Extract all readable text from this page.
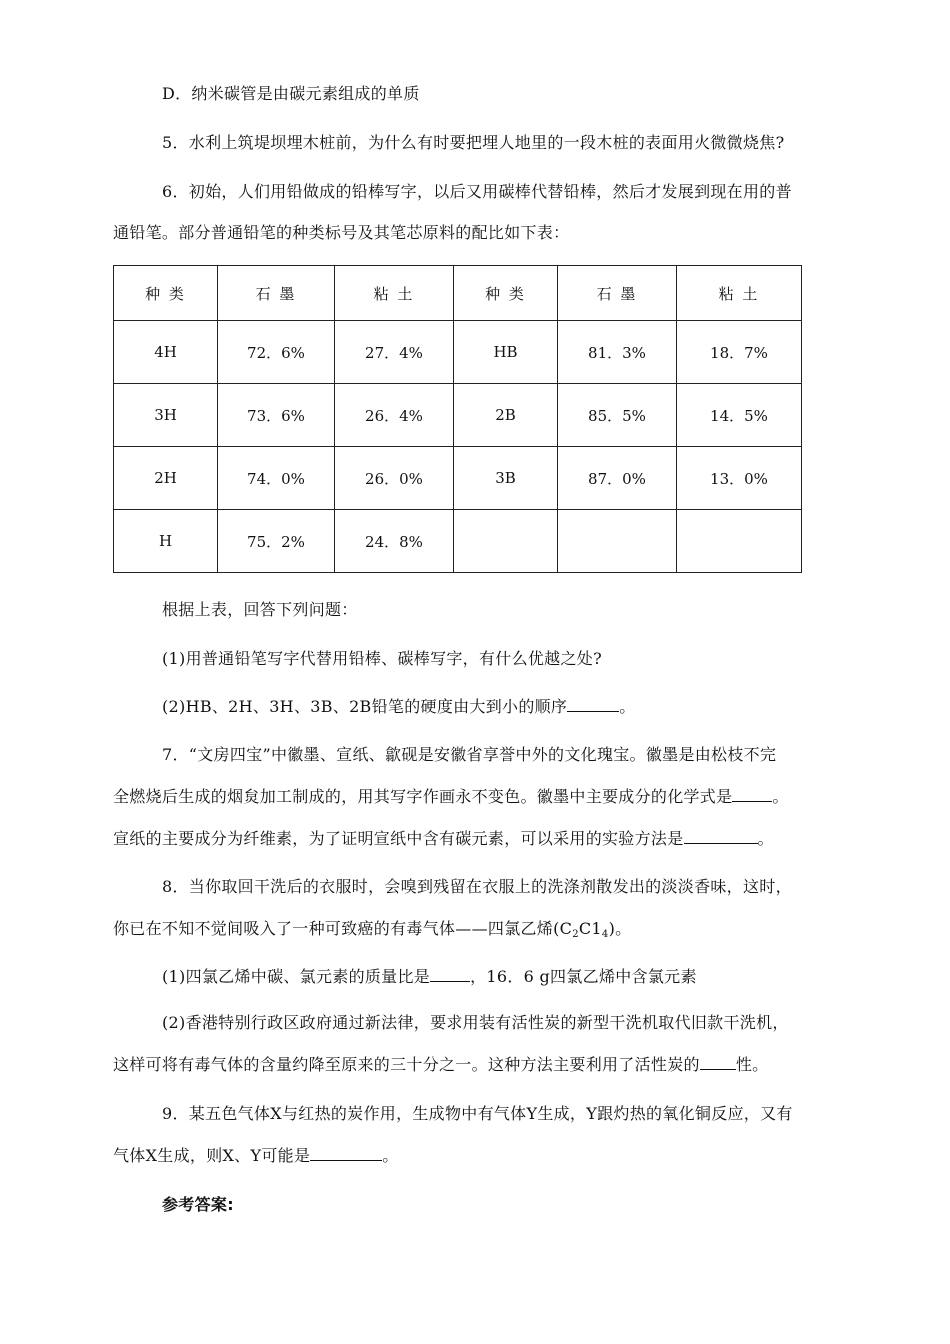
D．纳米碳管是由碳元素组成的单质
5．水利上筑堤坝埋木桩前，为什么有时要把埋人地里的一段木桩的表面用火微微烧焦?
6．初始，人们用铅做成的铅棒写字，以后又用碳棒代替铅棒，然后才发展到现在用的普
通铅笔。部分普通铅笔的种类标号及其笔芯原料的配比如下表：
种 类	石 墨	粘 土	种 类	石 墨	粘 土
4H	72．6%	27．4%	HB	81．3%	18．7%
3H	73．6%	26．4%	2B	85．5%	14．5%
2H	74．0%	26．0%	3B	87．0%	13．0%
H	75．2%	24．8%			
根据上表，回答下列问题：
(1)用普通铅笔写字代替用铅棒、碳棒写字，有什么优越之处?
(2)HB、2H、3H、3B、2B铅笔的硬度由大到小的顺序	。
7．“文房四宝”中徽墨、宣纸、歙砚是安徽省享誉中外的文化瑰宝。徽墨是由松枝不完
全燃烧后生成的烟炱加工制成的，用其写字作画永不变色。徽墨中主要成分的化学式是	。
宣纸的主要成分为纤维素，为了证明宣纸中含有碳元素，可以采用的实验方法是	。
8．当你取回干洗后的衣服时，会嗅到残留在衣服上的洗涤剂散发出的淡淡香味，这时，
你已在不知不觉间吸入了一种可致癌的有毒气体——四氯乙烯$(C_2C1_4)$。
(1)四氯乙烯中碳、氯元素的质量比是	，16．6 g四氯乙烯中含氯元素
(2)香港特别行政区政府通过新法律，要求用装有活性炭的新型干洗机取代旧款干洗机，
这样可将有毒气体的含量约降至原来的三十分之一。这种方法主要利用了活性炭的 性。
9．某五色气体X与红热的炭作用，生成物中有气体Y生成，Y跟灼热的氧化铜反应，又有
气体X生成，则X、Y可能是	。
参考答案:
